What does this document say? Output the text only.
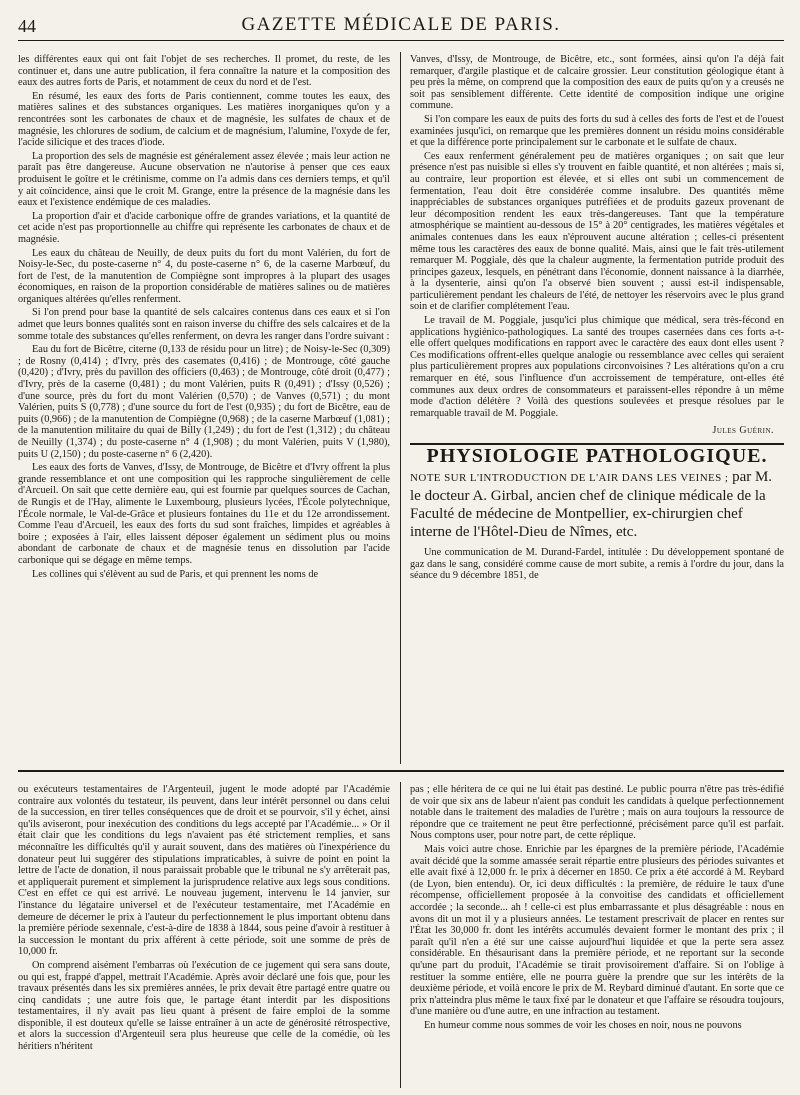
44	GAZETTE MÉDICALE DE PARIS.

les différentes eaux qui ont fait l'objet de ses recherches. Il promet, du reste, de les continuer et, dans une autre publication, il fera connaître la nature et la composition des eaux des autres forts de Paris, et notamment de ceux du nord et de l'est.

En résumé, les eaux des forts de Paris contiennent, comme toutes les eaux, des matières salines et des substances organiques. Les matières inorganiques qu'on y a rencontrées sont les carbonates de chaux et de magnésie, les sulfates de chaux et de magnésie, les chlorures de sodium, de calcium et de magnésium, l'alumine, l'oxyde de fer, l'acide silicique et des traces d'iode.

La proportion des sels de magnésie est généralement assez élevée ; mais leur action ne paraît pas être dangereuse. Aucune observation ne n'autorise à penser que ces eaux produisent le goître et le crétinisme, comme on l'a admis dans ces derniers temps, et qu'il y ait coïncidence, ainsi que le croit M. Grange, entre la présence de la magnésie dans les eaux et l'existence endémique de ces maladies.

La proportion d'air et d'acide carbonique offre de grandes variations, et la quantité de cet acide n'est pas proportionnelle au chiffre qui représente les carbonates de chaux et de magnésie.

Les eaux du château de Neuilly, de deux puits du fort du mont Valérien, du fort de Noisy-le-Sec, du poste-caserne n° 4, du poste-caserne n° 6, de la caserne Marbœuf, du fort de l'est, de la manutention de Compiègne sont impropres à la plupart des usages économiques, en raison de la proportion considérable de matières salines ou de matières organiques altérées qu'elles renferment.

Si l'on prend pour base la quantité de sels calcaires contenus dans ces eaux et si l'on admet que leurs bonnes qualités sont en raison inverse du chiffre des sels calcaires et de la somme totale des substances qu'elles renferment, on devra les ranger dans l'ordre suivant :

Eau du fort de Bicêtre, citerne (0,133 de résidu pour un litre) ; de Noisy-le-Sec (0,309) ; de Rosny (0,414) ; d'Ivry, près des casemates (0,416) ; de Montrouge, côté gauche (0,420) ; d'Ivry, près du pavillon des officiers (0,463) ; de Montrouge, côté droit (0,477) ; d'Ivry, près de la caserne (0,481) ; du mont Valérien, puits R (0,491) ; d'Issy (0,526) ; d'une source, près du fort du mont Valérien (0,570) ; de Vanves (0,571) ; du mont Valérien, puits S (0,778) ; d'une source du fort de l'est (0,935) ; du fort de Bicêtre, eau de puits (0,966) ; de la manutention de Compiègne (0,968) ; de la caserne Marbœuf (1,081) ; de la manutention militaire du quai de Billy (1,249) ; du fort de l'est (1,312) ; du château de Neuilly (1,374) ; du poste-caserne n° 4 (1,908) ; du mont Valérien, puits V (1,980), puits U (2,150) ; du poste-caserne n° 6 (2,420).

Les eaux des forts de Vanves, d'Issy, de Montrouge, de Bicêtre et d'Ivry offrent la plus grande ressemblance et ont une composition qui les rapproche singulièrement de celle d'Arcueil. On sait que cette dernière eau, qui est fournie par quelques sources de Cachan, de Rungis et de l'Hay, alimente le Luxembourg, plusieurs lycées, l'École polytechnique, l'École normale, le Val-de-Grâce et plusieurs fontaines du 11e et du 12e arrondissement. Comme l'eau d'Arcueil, les eaux des forts du sud sont fraîches, limpides et agréables à boire ; exposées à l'air, elles laissent déposer également un sédiment plus ou moins abondant de carbonate de chaux et de magnésie tenus en dissolution par l'acide carbonique qui se dégage en même temps.

Les collines qui s'élèvent au sud de Paris, et qui prennent les noms de

Vanves, d'Issy, de Montrouge, de Bicêtre, etc., sont formées, ainsi qu'on l'a déjà fait remarquer, d'argile plastique et de calcaire grossier. Leur constitution géologique étant à peu près la même, on comprend que la composition des eaux de puits qu'on y a creusés ne soit pas sensiblement différente. Cette identité de composition indique une origine commune.

Si l'on compare les eaux de puits des forts du sud à celles des forts de l'est et de l'ouest examinées jusqu'ici, on remarque que les premières donnent un résidu moins considérable et que la différence porte principalement sur le carbonate et le sulfate de chaux.

Ces eaux renferment généralement peu de matières organiques ; on sait que leur présence n'est pas nuisible si elles s'y trouvent en faible quantité, et non altérées ; mais si, au contraire, leur proportion est élevée, et si elles ont subi un commencement de fermentation, l'eau doit être considérée comme insalubre. Des quantités même inappréciables de substances organiques putréfiées et de produits gazeux provenant de leur décomposition rendent les eaux très-dangereuses. Tant que la température atmosphérique se maintient au-dessous de 15° à 20° centigrades, les matières végétales et animales contenues dans les eaux n'éprouvent aucune altération ; celles-ci présentent même tous les caractères des eaux de bonne qualité. Mais, ainsi que le fait très-utilement remarquer M. Poggiale, dès que la chaleur augmente, la fermentation putride produit des principes gazeux, lesquels, en pénétrant dans l'économie, donnent naissance à la diarrhée, à la dysenterie, ainsi qu'on l'a observé bien souvent ; aussi est-il indispensable, particulièrement pendant les chaleurs de l'été, de nettoyer les réservoirs avec le plus grand soin et de clarifier complétement l'eau.

Le travail de M. Poggiale, jusqu'ici plus chimique que médical, sera très-fécond en applications hygiénico-pathologiques. La santé des troupes casernées dans ces forts a-t-elle offert quelques modifications en rapport avec le caractère des eaux dont elles usent ? Ces modifications offrent-elles quelque analogie ou ressemblance avec celles qui seraient plus particulièrement propres aux populations circonvoisines ? Les altérations qu'on a cru remarquer en été, sous l'influence d'un accroissement de température, ont-elles été communes aux deux ordres de consommateurs et paraissent-elles répondre à un même mode d'action délétère ? Voilà des questions soulevées et presque résolues par le remarquable travail de M. Poggiale.

Jules Guérin.
PHYSIOLOGIE PATHOLOGIQUE.
NOTE SUR L'INTRODUCTION DE L'AIR DANS LES VEINES ; par M. le docteur A. Girbal, ancien chef de clinique médicale de la Faculté de médecine de Montpellier, ex-chirurgien chef interne de l'Hôtel-Dieu de Nîmes, etc.

Une communication de M. Durand-Fardel, intitulée : Du développement spontané de gaz dans le sang, considéré comme cause de mort subite, a remis à l'ordre du jour, dans la séance du 9 décembre 1851, de

ou exécuteurs testamentaires de l'Argenteuil, jugent le mode adopté par l'Académie contraire aux volontés du testateur, ils peuvent, dans leur intérêt personnel ou dans celui de la succession, en tirer telles conséquences que de droit et se pourvoir, s'il y échet, ainsi qu'ils aviseront, pour inexécution des conditions du legs accepté par l'Académie... » Or il était clair que les conditions du legs n'avaient pas été strictement remplies, et sans méconnaître les difficultés qu'il y aurait souvent, dans des matières où l'inexpérience du donateur peut lui suggérer des stipulations impraticables, à suivre de point en point la lettre de l'acte de donation, il nous paraissait probable que le tribunal ne s'y arrêterait pas, et appliquerait purement et simplement la jurisprudence relative aux legs sous conditions. C'est en effet ce qui est arrivé. Le nouveau jugement, intervenu le 14 janvier, sur l'instance du légataire universel et de l'exécuteur testamentaire, met l'Académie en demeure de décerner le prix à l'auteur du perfectionnement le plus important obtenu dans la première période sexennale, c'est-à-dire de 1838 à 1844, sous peine d'avoir à restituer à la succession le montant du prix afférent à cette période, soit une somme de près de 10,000 fr.

On comprend aisément l'embarras où l'exécution de ce jugement qui sera sans doute, ou qui est, frappé d'appel, mettrait l'Académie. Après avoir déclaré une fois que, pour les travaux présentés dans les six premières années, le prix devait être partagé entre quatre ou cinq candidats ; une autre fois que, le partage étant interdit par les dispositions testamentaires, il n'y avait pas lieu quant à présent de faire emploi de la somme disponible, il est douteux qu'elle se laisse entraîner à un acte de générosité rétrospective, et alors la succession d'Argenteuil sera plus heureuse que celle de la comédie, où les héritiers n'héritent

pas ; elle héritera de ce qui ne lui était pas destiné. Le public pourra n'être pas très-édifié de voir que six ans de labeur n'aient pas conduit les candidats à quelque perfectionnement notable dans le traitement des maladies de l'urètre ; mais on aura toujours la ressource de répondre que ce traitement ne peut être perfectionné, précisément parce qu'il est parfait. Nous comptons user, pour notre part, de cette réplique.

Mais voici autre chose. Enrichie par les épargnes de la première période, l'Académie avait décidé que la somme amassée serait répartie entre plusieurs des périodes suivantes et elle avait fixé à 12,000 fr. le prix à décerner en 1850. Ce prix a été accordé à M. Reybard (de Lyon, bien entendu). Or, ici deux difficultés : la première, de réduire le taux d'une récompense, officiellement proposée à la convoitise des candidats et officiellement accordée ; la seconde... ah ! celle-ci est plus embarrassante et plus désagréable : nous en avons dit un mot il y a plusieurs années. Le testament prescrivait de placer en rentes sur l'État les 30,000 fr. dont les intérêts accumulés devaient former le montant des prix ; il paraît qu'il n'en a été sur une caisse aujourd'hui liquidée et que la perte sera assez considérable. En thésaurisant dans la première période, et ne reportant sur la seconde qu'une part du produit, l'Académie se tirait provisoirement d'affaire. Si on l'oblige à restituer la somme entière, elle ne pourra guère la prendre que sur les intérêts de la deuxième période, et voilà encore le prix de M. Reybard diminué d'autant. En sorte que ce prix n'atteindra plus même le taux fixé par le donateur et que l'affaire se résoudra toujours, d'une manière ou d'une autre, en une infraction au testament.

En humeur comme nous sommes de voir les choses en noir, nous ne pouvons
